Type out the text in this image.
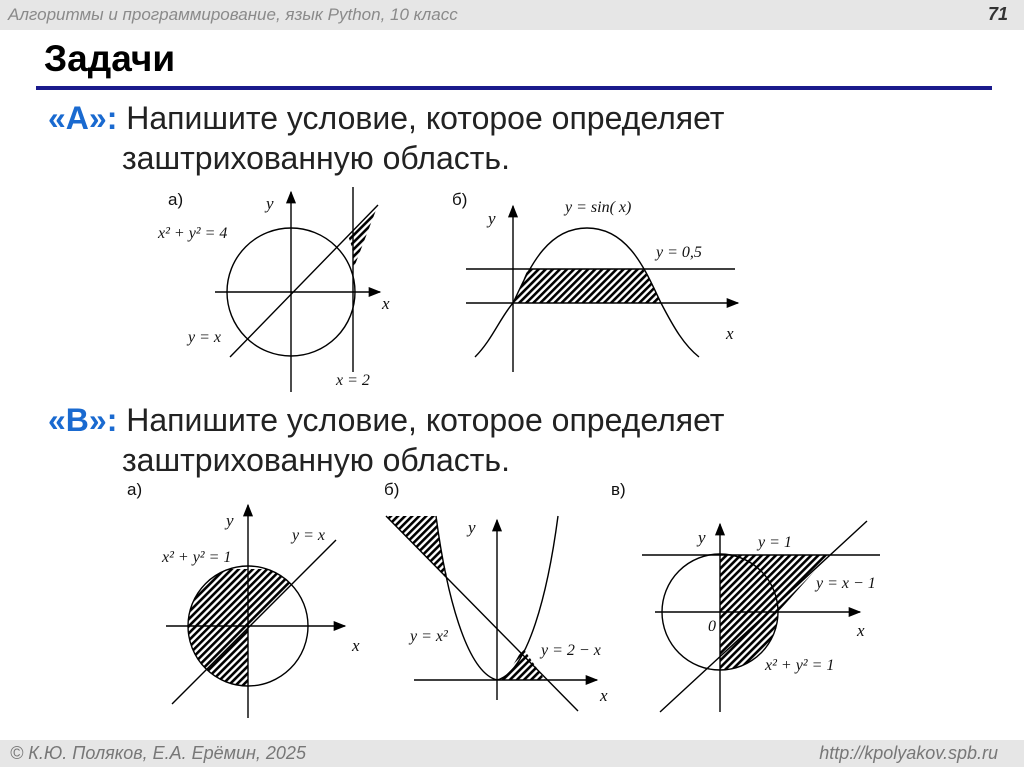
Алгоритмы и программирование, язык Python, 10 класс	71
Задачи
«A»: Напишите условие, которое определяет
заштрихованную область.
«B»: Напишите условие, которое определяет
заштрихованную область.
а)	y
x
x² + y² = 4
y = x
x = 2
б)
y
x
y = sin( x)
y = 0,5
а)
y
x
y = x
x² + y² = 1
б)
y
x
y = x²
y = 2 − x
в)
y
x
y = 1
y = x − 1
0
x² + y² = 1
© К.Ю. Поляков, Е.А. Ерёмин, 2025	http://kpolyakov.spb.ru
